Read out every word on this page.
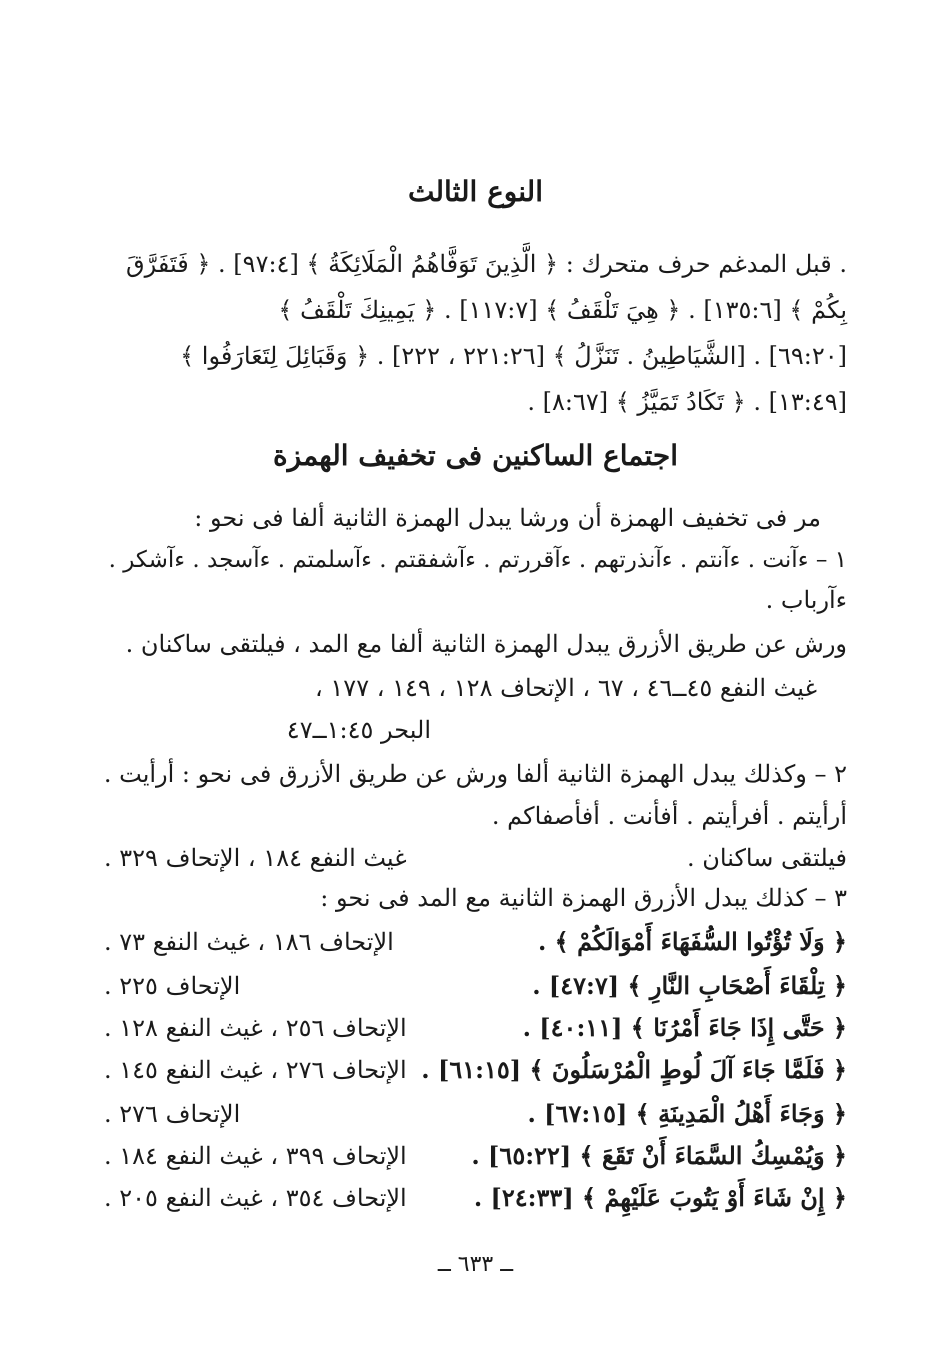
النوع الثالث
. قبل المدغم حرف متحرك : ﴿ الَّذِينَ تَوَفَّاهُمُ الْمَلَائِكَةُ ﴾ [٩٧:٤] . ﴿ فَتَفَرَّقَ
بِكُمْ ﴾ [١٣٥:٦] . ﴿ هِيَ تَلْقَفُ ﴾ [١١٧:٧] . ﴿ يَمِينِكَ تَلْقَفُ ﴾
[٦٩:٢٠] . [الشَّيَاطِينُ . تَنَزَّلُ ﴾ [٢٢١:٢٦ ، ٢٢٢] . ﴿ وَقَبَائِلَ لِتَعَارَفُوا ﴾
[١٣:٤٩] . ﴿ تَكَادُ تَمَيَّزُ ﴾ [٨:٦٧] .
اجتماع الساكنين فى تخفيف الهمزة
مر فى تخفيف الهمزة أن ورشا يبدل الهمزة الثانية ألفا فى نحو :
١ – ءآنت . ءآنتم . ءآنذرتهم . ءآقررتم . ءآشفقتم . ءآسلمتم . ءآسجد . ءآشكر .
ءآرباب .
ورش عن طريق الأزرق يبدل الهمزة الثانية ألفا مع المد ، فيلتقى ساكنان .
غيث النفع ٤٥ــ٤٦ ، ٦٧ ، الإتحاف ١٢٨ ، ١٤٩ ، ١٧٧ ،
البحر ١:٤٥ــ٤٧
٢ – وكذلك يبدل الهمزة الثانية ألفا ورش عن طريق الأزرق فى نحو : أرأيت .
أرأيتم . أفرأيتم . أفأنت . أفأصفاكم .
فيلتقى ساكنان .
غيث النفع ١٨٤ ، الإتحاف ٣٢٩ .
٣ – كذلك يبدل الأزرق الهمزة الثانية مع المد فى نحو :
﴿ وَلَا تُؤْتُوا السُّفَهَاءَ أَمْوَالَكُمْ ﴾ .
الإتحاف ١٨٦ ، غيث النفع ٧٣ .
﴿ تِلْقَاءَ أَصْحَابِ النَّارِ ﴾ [٤٧:٧] .
الإتحاف ٢٢٥ .
﴿ حَتَّى إِذَا جَاءَ أَمْرُنَا ﴾ [٤٠:١١] .
الإتحاف ٢٥٦ ، غيث النفع ١٢٨ .
﴿ فَلَمَّا جَاءَ آلَ لُوطٍ الْمُرْسَلُونَ ﴾ [٦١:١٥] .
الإتحاف ٢٧٦ ، غيث النفع ١٤٥ .
﴿ وَجَاءَ أَهْلُ الْمَدِينَةِ ﴾ [٦٧:١٥] .
الإتحاف ٢٧٦ .
﴿ وَيُمْسِكُ السَّمَاءَ أَنْ تَقَعَ ﴾ [٦٥:٢٢] .
الإتحاف ٣٩٩ ، غيث النفع ١٨٤ .
﴿ إِنْ شَاءَ أَوْ يَتُوبَ عَلَيْهِمْ ﴾ [٢٤:٣٣] .
الإتحاف ٣٥٤ ، غيث النفع ٢٠٥ .
ــ ٦٣٣ ــ
